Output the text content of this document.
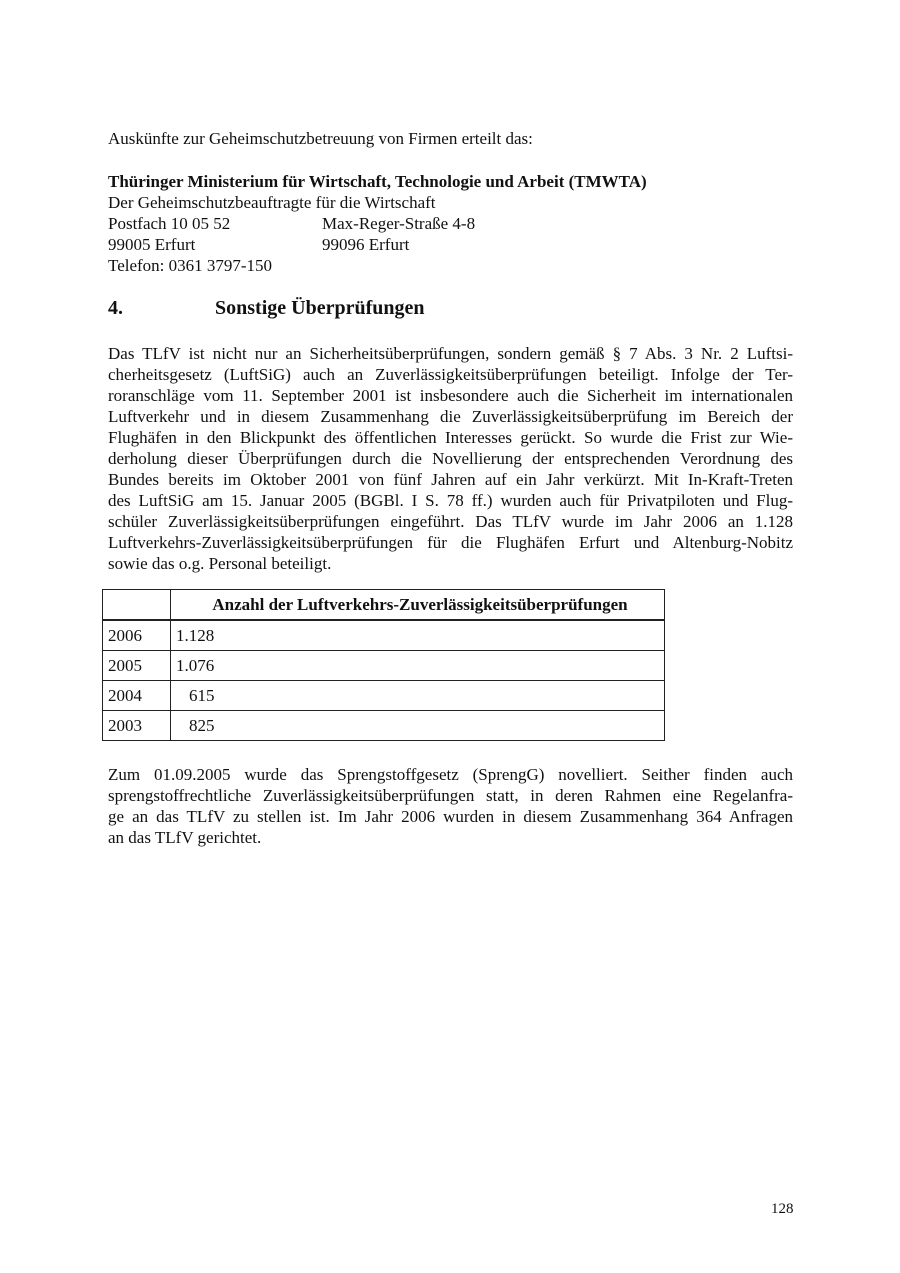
Auskünfte zur Geheimschutzbetreuung von Firmen erteilt das:
Thüringer Ministerium für Wirtschaft, Technologie und Arbeit (TMWTA)
Der Geheimschutzbeauftragte für die Wirtschaft
Postfach 10 05 52	Max-Reger-Straße 4-8
99005 Erfurt	99096 Erfurt
Telefon: 0361 3797-150
4.	Sonstige Überprüfungen
Das TLfV ist nicht nur an Sicherheitsüberprüfungen, sondern gemäß § 7 Abs. 3 Nr. 2 Luftsi-
cherheitsgesetz (LuftSiG) auch an Zuverlässigkeitsüberprüfungen beteiligt. Infolge der Ter-
roranschläge vom 11. September 2001 ist insbesondere auch die Sicherheit im internationalen
Luftverkehr und in diesem Zusammenhang die Zuverlässigkeitsüberprüfung im Bereich der
Flughäfen in den Blickpunkt des öffentlichen Interesses gerückt. So wurde die Frist zur Wie-
derholung dieser Überprüfungen durch die Novellierung der entsprechenden Verordnung des
Bundes bereits im Oktober 2001 von fünf Jahren auf ein Jahr verkürzt. Mit In-Kraft-Treten
des LuftSiG am 15. Januar 2005 (BGBl. I S. 78 ff.) wurden auch für Privatpiloten und Flug-
schüler Zuverlässigkeitsüberprüfungen eingeführt. Das TLfV wurde im Jahr 2006 an 1.128
Luftverkehrs-Zuverlässigkeitsüberprüfungen für die Flughäfen Erfurt und Altenburg-Nobitz
sowie das o.g. Personal beteiligt.
	Anzahl der Luftverkehrs-Zuverlässigkeitsüberprüfungen
2006	1.128
2005	1.076
2004	615
2003	825
Zum 01.09.2005 wurde das Sprengstoffgesetz (SprengG) novelliert. Seither finden auch
sprengstoffrechtliche Zuverlässigkeitsüberprüfungen statt, in deren Rahmen eine Regelanfra-
ge an das TLfV zu stellen ist. Im Jahr 2006 wurden in diesem Zusammenhang 364 Anfragen
an das TLfV gerichtet.
128
